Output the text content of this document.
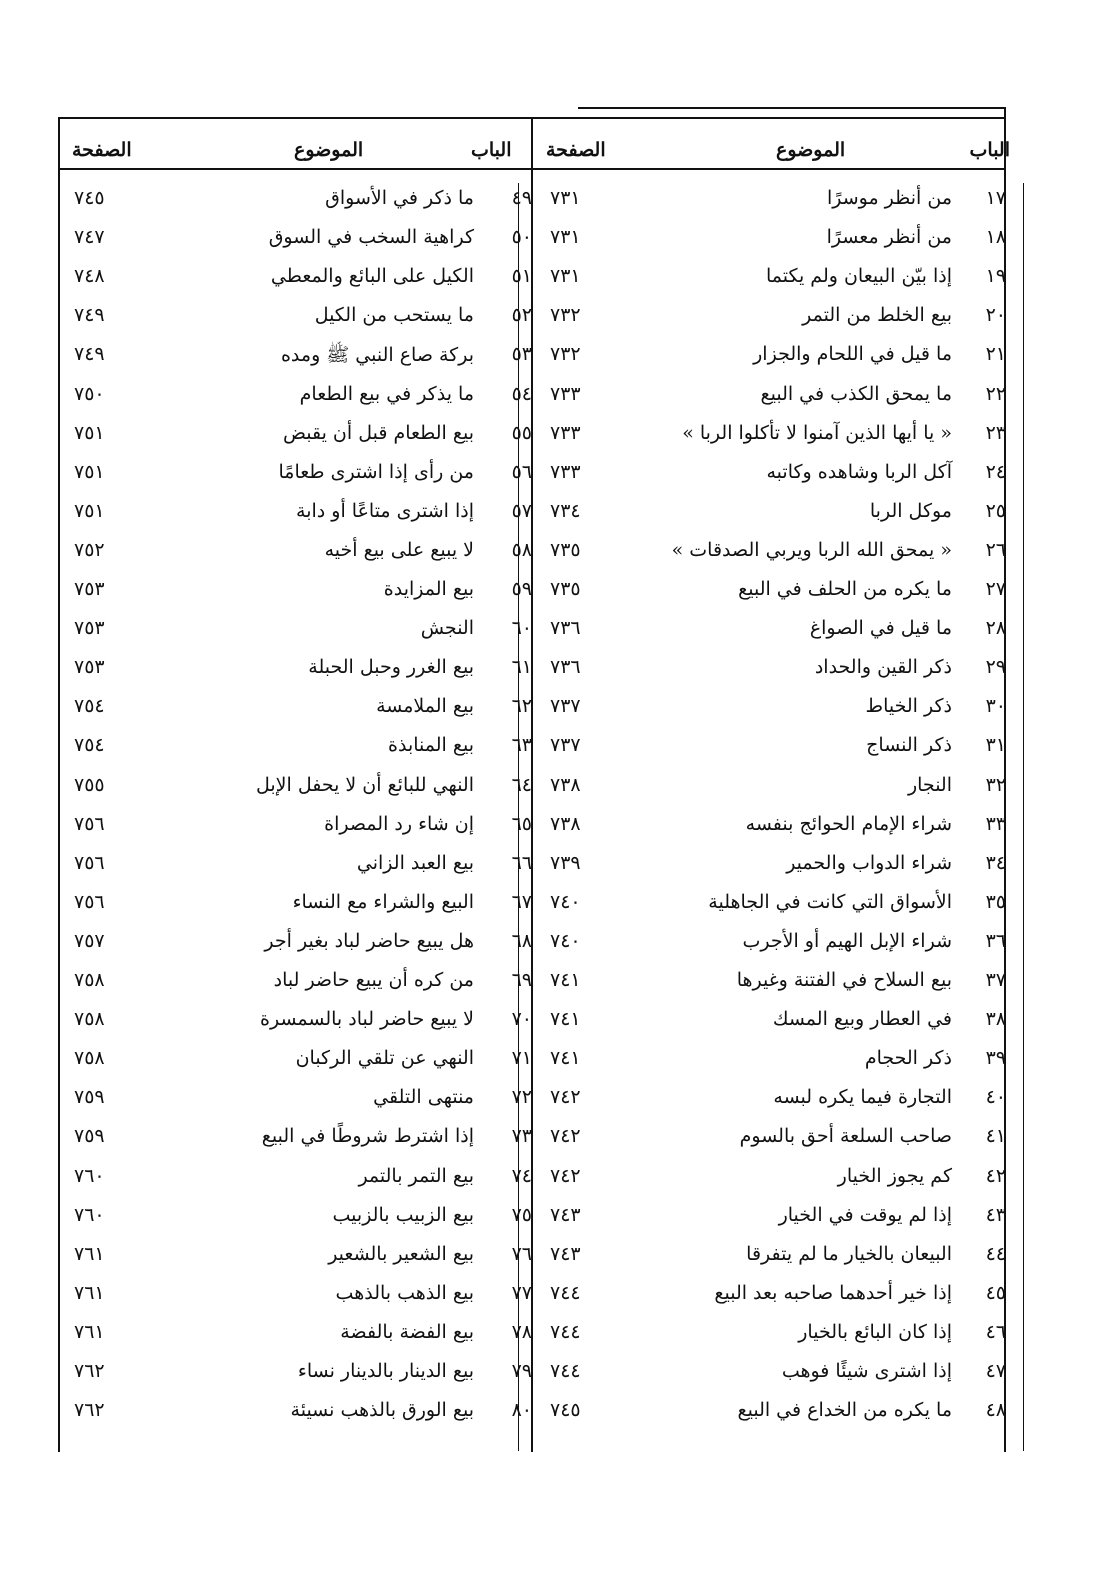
الباب
الموضوع
الصفحة
الباب
الموضوع
الصفحة
١٧
من أنظر موسرًا
٧٣١
١٨
من أنظر معسرًا
٧٣١
١٩
إذا بيّن البيعان ولم يكتما
٧٣١
٢٠
بيع الخلط من التمر
٧٣٢
٢١
ما قيل في اللحام والجزار
٧٣٢
٢٢
ما يمحق الكذب في البيع
٧٣٣
٢٣
« يا أيها الذين آمنوا لا تأكلوا الربا »
٧٣٣
٢٤
آكل الربا وشاهده وكاتبه
٧٣٣
٢٥
موكل الربا
٧٣٤
٢٦
« يمحق الله الربا ويربي الصدقات »
٧٣٥
٢٧
ما يكره من الحلف في البيع
٧٣٥
٢٨
ما قيل في الصواغ
٧٣٦
٢٩
ذكر القين والحداد
٧٣٦
٣٠
ذكر الخياط
٧٣٧
٣١
ذكر النساج
٧٣٧
٣٢
النجار
٧٣٨
٣٣
شراء الإمام الحوائج بنفسه
٧٣٨
٣٤
شراء الدواب والحمير
٧٣٩
٣٥
الأسواق التي كانت في الجاهلية
٧٤٠
٣٦
شراء الإبل الهيم أو الأجرب
٧٤٠
٣٧
بيع السلاح في الفتنة وغيرها
٧٤١
٣٨
في العطار وبيع المسك
٧٤١
٣٩
ذكر الحجام
٧٤١
٤٠
التجارة فيما يكره لبسه
٧٤٢
٤١
صاحب السلعة أحق بالسوم
٧٤٢
٤٢
كم يجوز الخيار
٧٤٢
٤٣
إذا لم يوقت في الخيار
٧٤٣
٤٤
البيعان بالخيار ما لم يتفرقا
٧٤٣
٤٥
إذا خير أحدهما صاحبه بعد البيع
٧٤٤
٤٦
إذا كان البائع بالخيار
٧٤٤
٤٧
إذا اشترى شيئًا فوهب
٧٤٤
٤٨
ما يكره من الخداع في البيع
٧٤٥
٤٩
ما ذكر في الأسواق
٧٤٥
٥٠
كراهية السخب في السوق
٧٤٧
٥١
الكيل على البائع والمعطي
٧٤٨
٥٢
ما يستحب من الكيل
٧٤٩
٥٣
بركة صاع النبي ﷺ ومده
٧٤٩
٥٤
ما يذكر في بيع الطعام
٧٥٠
٥٥
بيع الطعام قبل أن يقبض
٧٥١
٥٦
من رأى إذا اشترى طعامًا
٧٥١
٥٧
إذا اشترى متاعًا أو دابة
٧٥١
٥٨
لا يبيع على بيع أخيه
٧٥٢
٥٩
بيع المزايدة
٧٥٣
٦٠
النجش
٧٥٣
٦١
بيع الغرر وحبل الحبلة
٧٥٣
٦٢
بيع الملامسة
٧٥٤
٦٣
بيع المنابذة
٧٥٤
٦٤
النهي للبائع أن لا يحفل الإبل
٧٥٥
٦٥
إن شاء رد المصراة
٧٥٦
٦٦
بيع العبد الزاني
٧٥٦
٦٧
البيع والشراء مع النساء
٧٥٦
٦٨
هل يبيع حاضر لباد بغير أجر
٧٥٧
٦٩
من كره أن يبيع حاضر لباد
٧٥٨
٧٠
لا يبيع حاضر لباد بالسمسرة
٧٥٨
٧١
النهي عن تلقي الركبان
٧٥٨
٧٢
منتهى التلقي
٧٥٩
٧٣
إذا اشترط شروطًا في البيع
٧٥٩
٧٤
بيع التمر بالتمر
٧٦٠
٧٥
بيع الزبيب بالزبيب
٧٦٠
٧٦
بيع الشعير بالشعير
٧٦١
٧٧
بيع الذهب بالذهب
٧٦١
٧٨
بيع الفضة بالفضة
٧٦١
٧٩
بيع الدينار بالدينار نساء
٧٦٢
٨٠
بيع الورق بالذهب نسيئة
٧٦٢
